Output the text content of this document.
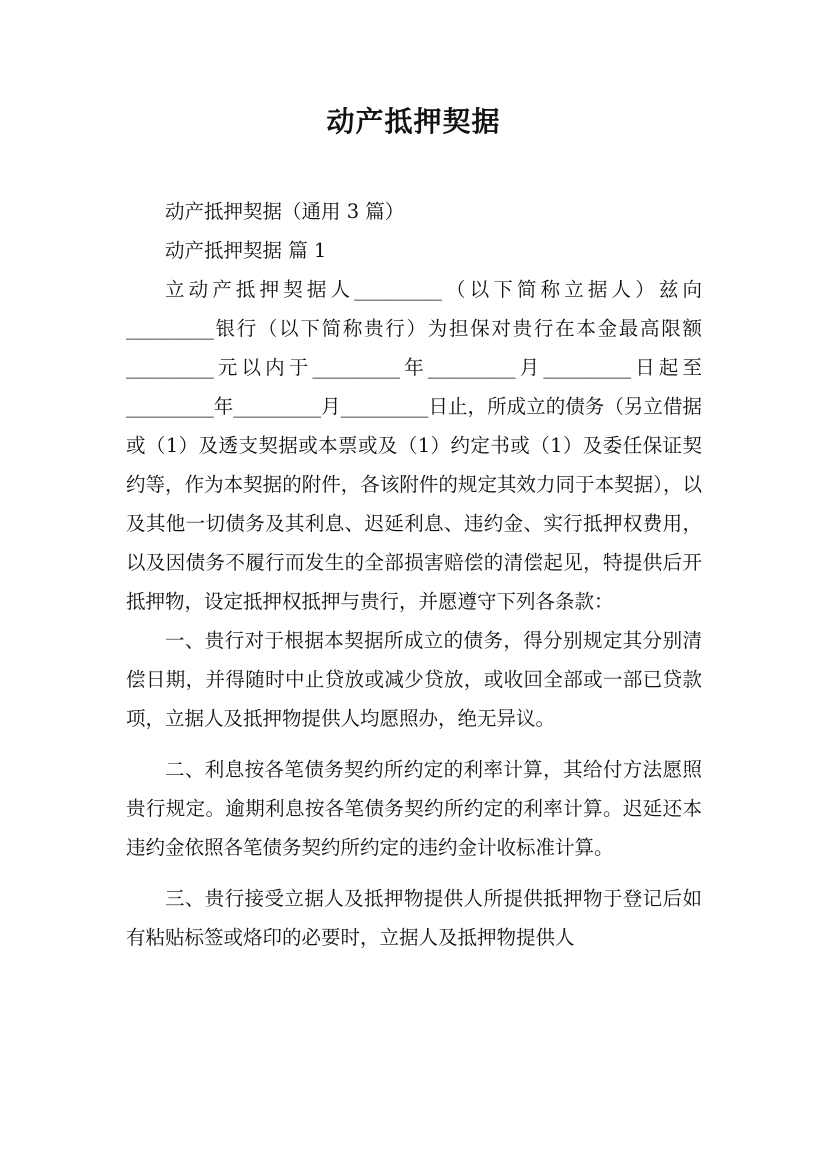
动产抵押契据
动产抵押契据（通用 3 篇）
动产抵押契据 篇 1
立动产抵押契据人_________（以下简称立据人）兹向_________银行（以下简称贵行）为担保对贵行在本金最高限额_________元以内于_________年_________月_________日起至_________年_________月_________日止，所成立的债务（另立借据或（1）及透支契据或本票或及（1）约定书或（1）及委任保证契约等，作为本契据的附件，各该附件的规定其效力同于本契据），以及其他一切债务及其利息、迟延利息、违约金、实行抵押权费用，以及因债务不履行而发生的全部损害赔偿的清偿起见，特提供后开抵押物，设定抵押权抵押与贵行，并愿遵守下列各条款：
一、贵行对于根据本契据所成立的债务，得分别规定其分别清偿日期，并得随时中止贷放或减少贷放，或收回全部或一部已贷款项，立据人及抵押物提供人均愿照办，绝无异议。
二、利息按各笔债务契约所约定的利率计算，其给付方法愿照贵行规定。逾期利息按各笔债务契约所约定的利率计算。迟延还本违约金依照各笔债务契约所约定的违约金计收标准计算。
三、贵行接受立据人及抵押物提供人所提供抵押物于登记后如有粘贴标签或烙印的必要时，立据人及抵押物提供人
